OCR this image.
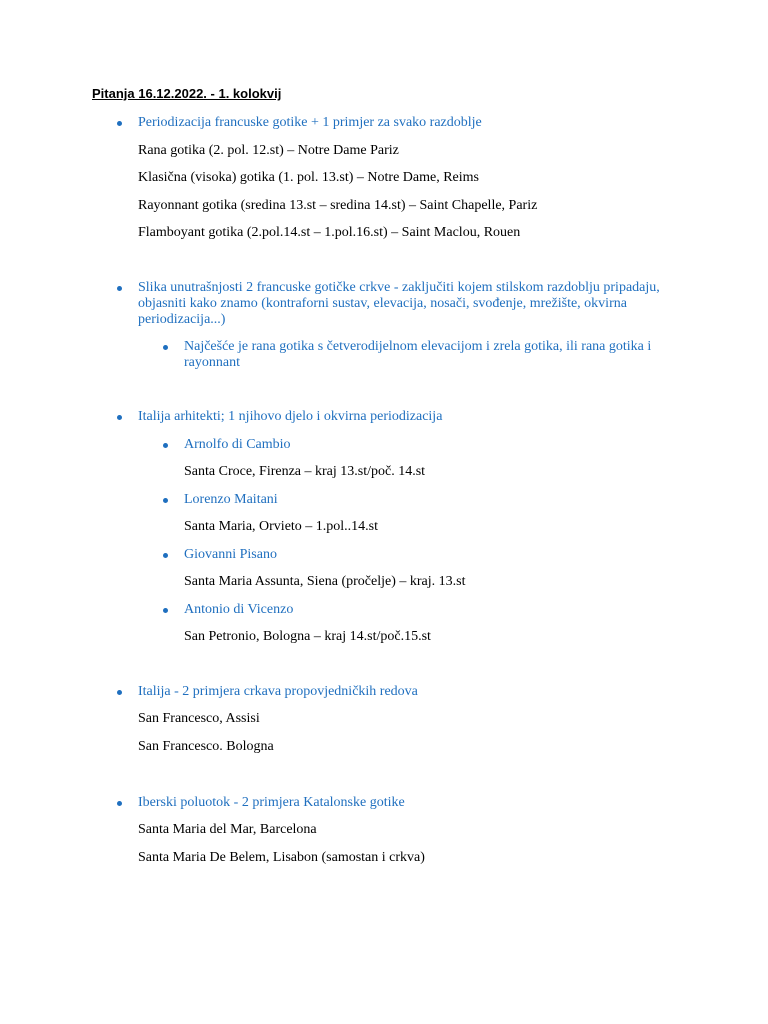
Pitanja 16.12.2022. - 1. kolokvij
Periodizacija francuske gotike + 1 primjer za svako razdoblje
Rana gotika (2. pol. 12.st) – Notre Dame Pariz
Klasična (visoka) gotika (1. pol. 13.st) – Notre Dame, Reims
Rayonnant gotika (sredina 13.st – sredina 14.st) – Saint Chapelle, Pariz
Flamboyant gotika (2.pol.14.st – 1.pol.16.st) – Saint Maclou, Rouen
Slika unutrašnjosti 2 francuske gotičke crkve - zaključiti kojem stilskom razdoblju pripadaju,
objasniti kako znamo (kontraforni sustav, elevacija, nosači, svođenje, mrežište, okvirna
periodizacija...)
Najčešće je rana gotika s četverodijelnom elevacijom i zrela gotika, ili rana gotika i
rayonnant
Italija arhitekti; 1 njihovo djelo i okvirna periodizacija
Arnolfo di Cambio
Santa Croce, Firenza – kraj 13.st/poč. 14.st
Lorenzo Maitani
Santa Maria, Orvieto – 1.pol..14.st
Giovanni Pisano
Santa Maria Assunta, Siena (pročelje) – kraj. 13.st
Antonio di Vicenzo
San Petronio, Bologna – kraj 14.st/poč.15.st
Italija - 2 primjera crkava propovjedničkih redova
San Francesco, Assisi
San Francesco. Bologna
Iberski poluotok - 2 primjera Katalonske gotike
Santa Maria del Mar, Barcelona
Santa Maria De Belem, Lisabon (samostan i crkva)
